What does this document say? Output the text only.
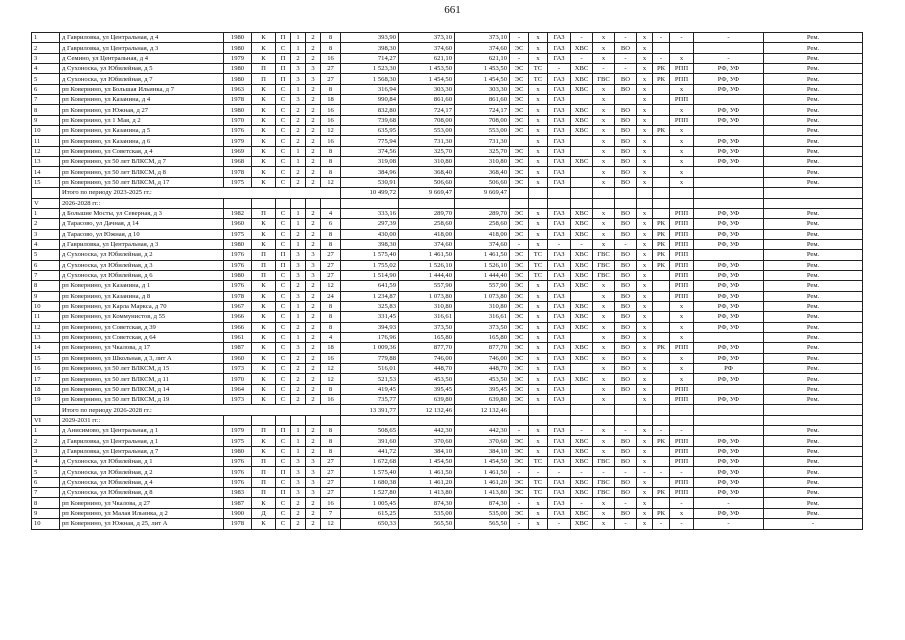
661
1	д Гавриловка, ул Центральная, д 4	1980	К	П	1	2	8	393,90	373,10	373,10	-	х	ГАЗ	-	х	-	х	-	-	-	Рем.
2	д Гавриловка, ул Центральная, д 3	1980	К	С	1	2	8	398,30	374,60	374,60	ЭС	х	ГАЗ	ХВС	х	ВО	х				Рем.
3	д Семино, ул Центральная, д 4	1979	К	П	2	2	16	714,27	621,10	621,10	-	х	ГАЗ	-	х	-	х	-	х	-	Рем.
4	д Сухоноска, ул Юбилейная, д 5	1980	П	П	3	3	27	1 523,30	1 453,50	1 453,50	ЭС	ТС	-	ХВС	-	-	х	РК	РПП	РФ, УФ	Рем.
5	д Сухоноска, ул Юбилейная, д 7	1980	П	П	3	3	27	1 568,30	1 454,50	1 454,50	ЭС	ТС	ГАЗ	ХВС	ГВС	ВО	х	РК	РПП	РФ, УФ	Рем.
6	рп Ковернино, ул Большая Ильинка, д 7	1963	К	С	1	2	8	316,94	303,30	303,30	ЭС	х	ГАЗ	ХВС	х	ВО	х		х	РФ, УФ	Рем.
7	рп Ковернино, ул Казанина, д 4	1978	К	С	3	2	18	990,84	861,60	861,60	ЭС	х	ГАЗ		х		х		РПП		Рем.
8	рп Ковернино, ул Южная, д 27	1980	К	С	2	2	16	832,80	724,17	724,17	ЭС	х	ГАЗ	ХВС	х	ВО	х		х	РФ, УФ	Рем.
9	рп Ковернино, ул 1 Мая, д 2	1970	К	С	2	2	16	739,68	708,00	708,00	ЭС	х	ГАЗ	ХВС	х	ВО	х		РПП	РФ, УФ	Рем.
10	рп Ковернино, ул Казанина, д 5	1976	К	С	2	2	12	635,95	553,00	553,00	ЭС	х	ГАЗ	ХВС	х	ВО	х	РК	х		Рем.
11	рп Ковернино, ул Казанина, д 6	1979	К	С	2	2	16	775,94	731,30	731,30		х	ГАЗ		х	ВО	х		х	РФ, УФ	Рем.
12	рп Ковернино, ул Советская, д 4	1969	К	С	1	2	8	374,56	325,70	325,70	ЭС	х	ГАЗ		х	ВО	х		х	РФ, УФ	Рем.
13	рп Ковернино, ул 50 лет ВЛКСМ, д 7	1968	К	С	1	2	8	319,08	310,80	310,80	ЭС	х	ГАЗ	ХВС	х	ВО	х		х	РФ, УФ	Рем.
14	рп Ковернино, ул 50 лет ВЛКСМ, д 8	1978	К	С	2	2	8	384,96	368,40	368,40	ЭС	х	ГАЗ		х	ВО	х		х		Рем.
15	рп Ковернино, ул 50 лет ВЛКСМ, д 17	1975	К	С	2	2	12	530,91	506,60	506,60	ЭС	х	ГАЗ		х	ВО	х		х		Рем.
	Итого по периоду 2023-2025 гг.:							10 499,72	9 669,47	9 669,47											
V	2026-2028 гг.:																				
1	д Большие Мосты, ул Северная, д 3	1982	П	С	1	2	4	333,16	289,70	289,70	ЭС	х	ГАЗ	ХВС	х	ВО	х		РПП	РФ, УФ	Рем.
2	д Тарасово, ул Дачная, д 14	1960	К	С	1	2	6	297,39	258,60	258,60	ЭС	х	ГАЗ	ХВС	х	ВО	х	РК	РПП	РФ, УФ	Рем.
3	д Тарасово, ул Южная, д 10	1975	К	С	2	2	8	430,00	418,00	418,00	ЭС	х	ГАЗ	ХВС	х	ВО	х	РК	РПП	РФ, УФ	Рем.
4	д Гавриловка, ул Центральная, д 3	1980	К	С	1	2	8	398,30	374,60	374,60	-	х	-	-	х	-	х	РК	РПП	РФ, УФ	Рем.
5	д Сухоноска, ул Юбилейная, д 2	1976	П	П	3	3	27	1 575,40	1 461,50	1 461,50	ЭС	ТС	ГАЗ	ХВС	ГВС	ВО	х	РК	РПП		Рем.
6	д Сухоноска, ул Юбилейная, д 3	1976	П	П	3	3	27	1 755,02	1 526,10	1 526,10	ЭС	ТС	ГАЗ	ХВС	ГВС	ВО	х	РК	РПП	РФ, УФ	Рем.
7	д Сухоноска, ул Юбилейная, д 6	1980	П	С	3	3	27	1 514,90	1 444,40	1 444,40	ЭС	ТС	ГАЗ	ХВС	ГВС	ВО	х		РПП	РФ, УФ	Рем.
8	рп Ковернино, ул Казанина, д 1	1976	К	С	2	2	12	641,59	557,90	557,90	ЭС	х	ГАЗ	ХВС	х	ВО	х		РПП	РФ, УФ	Рем.
9	рп Ковернино, ул Казанина, д 8	1978	К	С	3	2	24	1 234,87	1 073,80	1 073,80	ЭС	х	ГАЗ		х	ВО	х		РПП	РФ, УФ	Рем.
10	рп Ковернино, ул Карла Маркса, д 70	1967	К	С	1	2	8	325,83	310,80	310,80	ЭС	х	ГАЗ	ХВС	х	ВО	х		х	РФ, УФ	Рем.
11	рп Ковернино, ул Коммунистов, д 55	1966	К	С	1	2	8	331,45	316,61	316,61	ЭС	х	ГАЗ	ХВС	х	ВО	х		х	РФ, УФ	Рем.
12	рп Ковернино, ул Советская, д 39	1966	К	С	2	2	8	394,93	373,50	373,50	ЭС	х	ГАЗ	ХВС	х	ВО	х		х	РФ, УФ	Рем.
13	рп Ковернино, ул Советская, д 64	1961	К	С	1	2	4	176,96	165,80	165,80	ЭС	х	ГАЗ		х	ВО	х		х		Рем.
14	рп Ковернино, ул Чкалова, д 17	1987	К	С	3	2	18	1 009,36	877,70	877,70	ЭС	х	ГАЗ	ХВС	х	ВО	х	РК	РПП	РФ, УФ	Рем.
15	рп Ковернино, ул Школьная, д 3, лит А	1960	К	С	2	2	16	779,88	746,00	746,00	ЭС	х	ГАЗ	ХВС	х	ВО	х		х	РФ, УФ	Рем.
16	рп Ковернино, ул 50 лет ВЛКСМ, д 15	1973	К	С	2	2	12	516,01	448,70	448,70	ЭС	х	ГАЗ		х	ВО	х		х	РФ	Рем.
17	рп Ковернино, ул 50 лет ВЛКСМ, д 11	1970	К	С	2	2	12	521,53	453,50	453,50	ЭС	х	ГАЗ	ХВС	х	ВО	х		х	РФ, УФ	Рем.
18	рп Ковернино, ул 50 лет ВЛКСМ, д 14	1964	К	С	2	2	8	419,45	395,45	395,45	ЭС	х	ГАЗ		х	ВО	х		РПП		Рем.
19	рп Ковернино, ул 50 лет ВЛКСМ, д 19	1973	К	С	2	2	16	735,77	639,80	639,80	ЭС	х	ГАЗ		х		х		РПП	РФ, УФ	Рем.
	Итого по периоду 2026-2028 гг.:							13 391,77	12 132,46	12 132,46											
VI	2029-2031 гг.:																				
1	д Анисимово, ул Центральная, д 1	1979	П	П	1	2	8	508,65	442,30	442,30	-	х	ГАЗ	-	х	-	х	-	-		Рем.
2	д Гавриловка, ул Центральная, д 1	1975	К	С	1	2	8	391,60	370,60	370,60	ЭС	х	ГАЗ	ХВС	х	ВО	х	РК	РПП	РФ, УФ	Рем.
3	д Гавриловка, ул Центральная, д 7	1980	К	С	1	2	8	441,72	384,10	384,10	ЭС	х	ГАЗ	ХВС	х	ВО	х		РПП	РФ, УФ	Рем.
4	д Сухоноска, ул Юбилейная, д 1	1976	П	С	3	3	27	1 672,68	1 454,50	1 454,50	ЭС	ТС	ГАЗ	ХВС	ГВС	ВО	х		РПП	РФ, УФ	Рем.
5	д Сухоноска, ул Юбилейная, д 2	1976	П	П	3	3	27	1 575,40	1 461,50	1 461,50	-	-	-	-	-	-	-	-	-	РФ, УФ	Рем.
6	д Сухоноска, ул Юбилейная, д 4	1976	П	С	3	3	27	1 680,38	1 461,20	1 461,20	ЭС	ТС	ГАЗ	ХВС	ГВС	ВО	х		РПП	РФ, УФ	Рем.
7	д Сухоноска, ул Юбилейная, д 8	1983	П	П	3	3	27	1 527,80	1 413,80	1 413,80	ЭС	ТС	ГАЗ	ХВС	ГВС	ВО	х	РК	РПП	РФ, УФ	Рем.
8	рп Ковернино, ул Чкалова, д 27	1987	К	С	2	2	16	1 005,45	874,30	874,30	-	х	ГАЗ	-	х	-	х		-	-	Рем.
9	рп Ковернино, ул Малая Ильинка, д 2	1900	Д	С	2	2	7	615,25	535,00	535,00	ЭС	х	ГАЗ	ХВС	х	ВО	х	РК	х	РФ, УФ	Рем.
10	рп Ковернино, ул Южная, д 25, лит А	1978	К	С	2	2	12	650,33	565,50	565,50	-	х	-	ХВС	х	-	х	-	-	-	-
